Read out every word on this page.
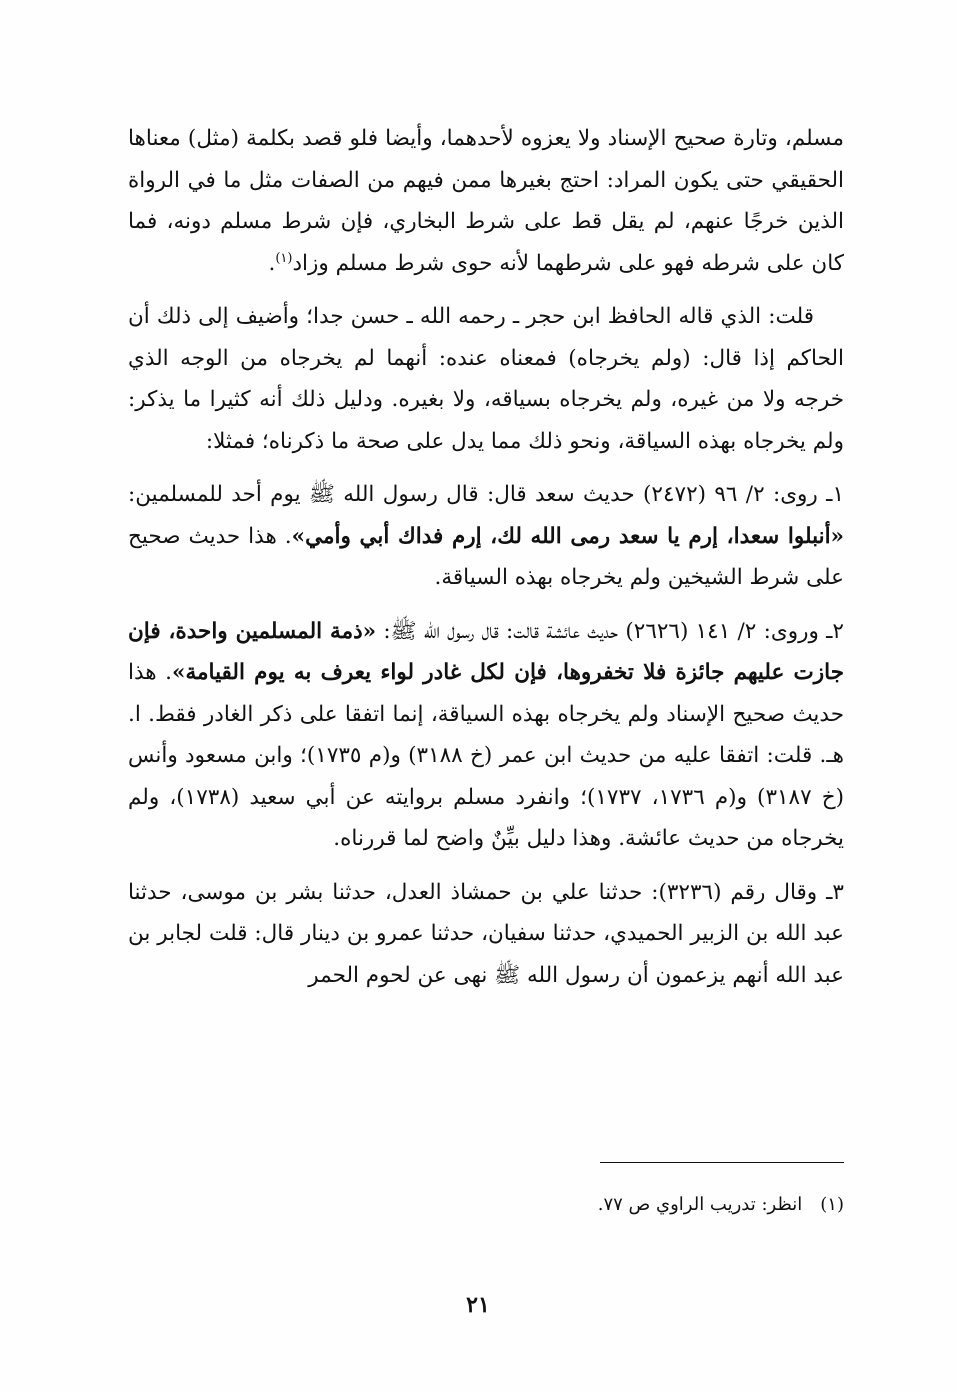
مسلم، وتارة صحيح الإسناد ولا يعزوه لأحدهما، وأيضا فلو قصد بكلمة (مثل) معناها الحقيقي حتى يكون المراد: احتج بغيرها ممن فيهم من الصفات مثل ما في الرواة الذين خرجًا عنهم، لم يقل قط على شرط البخاري، فإن شرط مسلم دونه، فما كان على شرطه فهو على شرطهما لأنه حوى شرط مسلم وزاد$^{(١)}$.

قلت: الذي قاله الحافظ ابن حجر ـ رحمه الله ـ حسن جدا؛ وأضيف إلى ذلك أن الحاكم إذا قال: (ولم يخرجاه) فمعناه عنده: أنهما لم يخرجاه من الوجه الذي خرجه ولا من غيره، ولم يخرجاه بسياقه، ولا بغيره. ودليل ذلك أنه كثيرا ما يذكر: ولم يخرجاه بهذه السياقة، ونحو ذلك مما يدل على صحة ما ذكرناه؛ فمثلا:

١ـ روى: ٢/ ٩٦ (٢٤٧٢) حديث سعد قال: قال رسول الله ﷺ يوم أحد للمسلمين: «أنبلوا سعدا، إرم يا سعد رمى الله لك، إرم فداك أبي وأمي». هذا حديث صحيح على شرط الشيخين ولم يخرجاه بهذه السياقة.

٢ـ وروى: ٢/ ١٤١ (٢٦٢٦) حديث عائشة قالت: قال رسول الله ﷺ: «ذمة المسلمين واحدة، فإن جازت عليهم جائزة فلا تخفروها، فإن لكل غادر لواء يعرف به يوم القيامة». هذا حديث صحيح الإسناد ولم يخرجاه بهذه السياقة، إنما اتفقا على ذكر الغادر فقط. ا. هـ. قلت: اتفقا عليه من حديث ابن عمر (خ ٣١٨٨) و(م ١٧٣٥)؛ وابن مسعود وأنس (خ ٣١٨٧) و(م ١٧٣٦، ١٧٣٧)؛ وانفرد مسلم بروايته عن أبي سعيد (١٧٣٨)، ولم يخرجاه من حديث عائشة. وهذا دليل بيِّنٌ واضح لما قررناه.

٣ـ وقال رقم (٣٢٣٦): حدثنا علي بن حمشاذ العدل، حدثنا بشر بن موسى، حدثنا عبد الله بن الزبير الحميدي، حدثنا سفيان، حدثنا عمرو بن دينار قال: قلت لجابر بن عبد الله أنهم يزعمون أن رسول الله ﷺ نهى عن لحوم الحمر

(١)انظر: تدريب الراوي ص ٧٧.
٢١
